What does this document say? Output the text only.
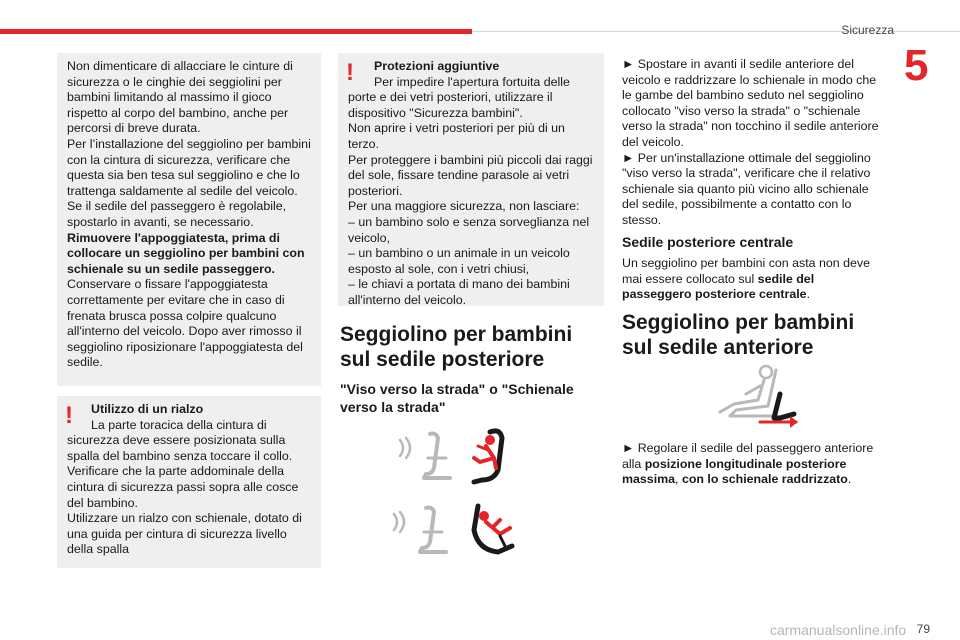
Sicurezza
5

Non dimenticare di allacciare le cinture di sicurezza o le cinghie dei seggiolini per bambini limitando al massimo il gioco rispetto al corpo del bambino, anche per percorsi di breve durata.

Per l’installazione del seggiolino per bambini con la cintura di sicurezza, verificare che questa sia ben tesa sul seggiolino e che lo trattenga saldamente al sedile del veicolo.

Se il sedile del passeggero è regolabile, spostarlo in avanti, se necessario.

Rimuovere l'appoggiatesta, prima di collocare un seggiolino per bambini con schienale su un sedile passeggero.

Conservare o fissare l'appoggiatesta correttamente per evitare che in caso di frenata brusca possa colpire qualcuno all'interno del veicolo. Dopo aver rimosso il seggiolino riposizionare l'appoggiatesta del sedile.

!	Utilizzo di un rialzo

La parte toracica della cintura di sicurezza deve essere posizionata sulla spalla del bambino senza toccare il collo.

Verificare che la parte addominale della cintura di sicurezza passi sopra alle cosce del bambino.

Utilizzare un rialzo con schienale, dotato di una guida per cintura di sicurezza livello della spalla

!	Protezioni aggiuntive

Per impedire l'apertura fortuita delle porte e dei vetri posteriori, utilizzare il dispositivo "Sicurezza bambini".

Non aprire i vetri posteriori per più di un terzo.

Per proteggere i bambini più piccoli dai raggi del sole, fissare tendine parasole ai vetri posteriori.

Per una maggiore sicurezza, non lasciare:

– un bambino solo e senza sorveglianza nel veicolo,

– un bambino o un animale in un veicolo esposto al sole, con i vetri chiusi,

– le chiavi a portata di mano dei bambini all'interno del veicolo.

Seggiolino per bambini sul sedile posteriore
"Viso verso la strada" o "Schienale verso la strada"

► Spostare in avanti il sedile anteriore del veicolo e raddrizzare lo schienale in modo che le gambe del bambino seduto nel seggiolino collocato "viso verso la strada" o "schienale verso la strada" non tocchino il sedile anteriore del veicolo.

► Per un'installazione ottimale del seggiolino "viso verso la strada", verificare che il relativo schienale sia quanto più vicino allo schienale del sedile, possibilmente a contatto con lo stesso.

Sedile posteriore centrale

Un seggiolino per bambini con asta non deve mai essere collocato sul sedile del passeggero posteriore centrale.

Seggiolino per bambini sul sedile anteriore

► Regolare il sedile del passeggero anteriore alla posizione longitudinale posteriore massima, con lo schienale raddrizzato.

carmanualsonline.info 79
